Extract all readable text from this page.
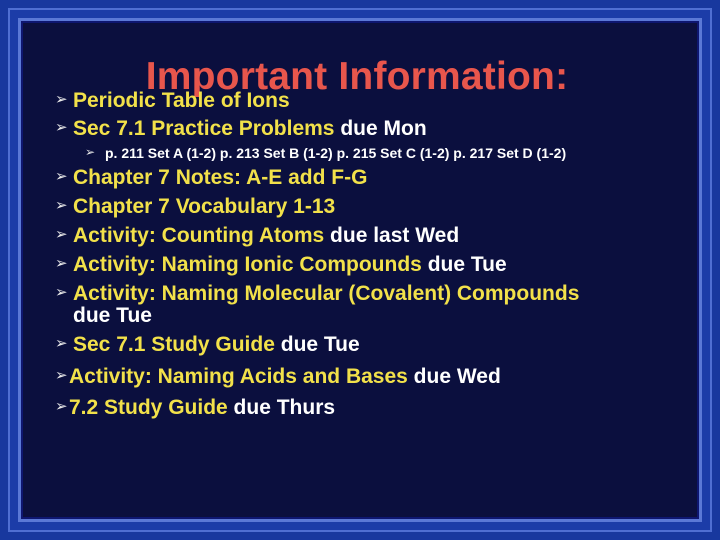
Important Information:
➢ Periodic Table of Ions
➢ Sec 7.1 Practice Problems due Mon
➢ p. 211 Set A (1-2) p. 213 Set B (1-2) p. 215 Set C (1-2) p. 217 Set D (1-2)
➢ Chapter 7 Notes: A-E add F-G
➢ Chapter 7 Vocabulary 1-13
➢ Activity: Counting Atoms due last Wed
➢ Activity: Naming Ionic Compounds due Tue
➢ Activity: Naming Molecular (Covalent) Compounds
due Tue
➢ Sec 7.1 Study Guide due Tue
➢ Activity: Naming Acids and Bases due Wed
➢ 7.2 Study Guide due Thurs
